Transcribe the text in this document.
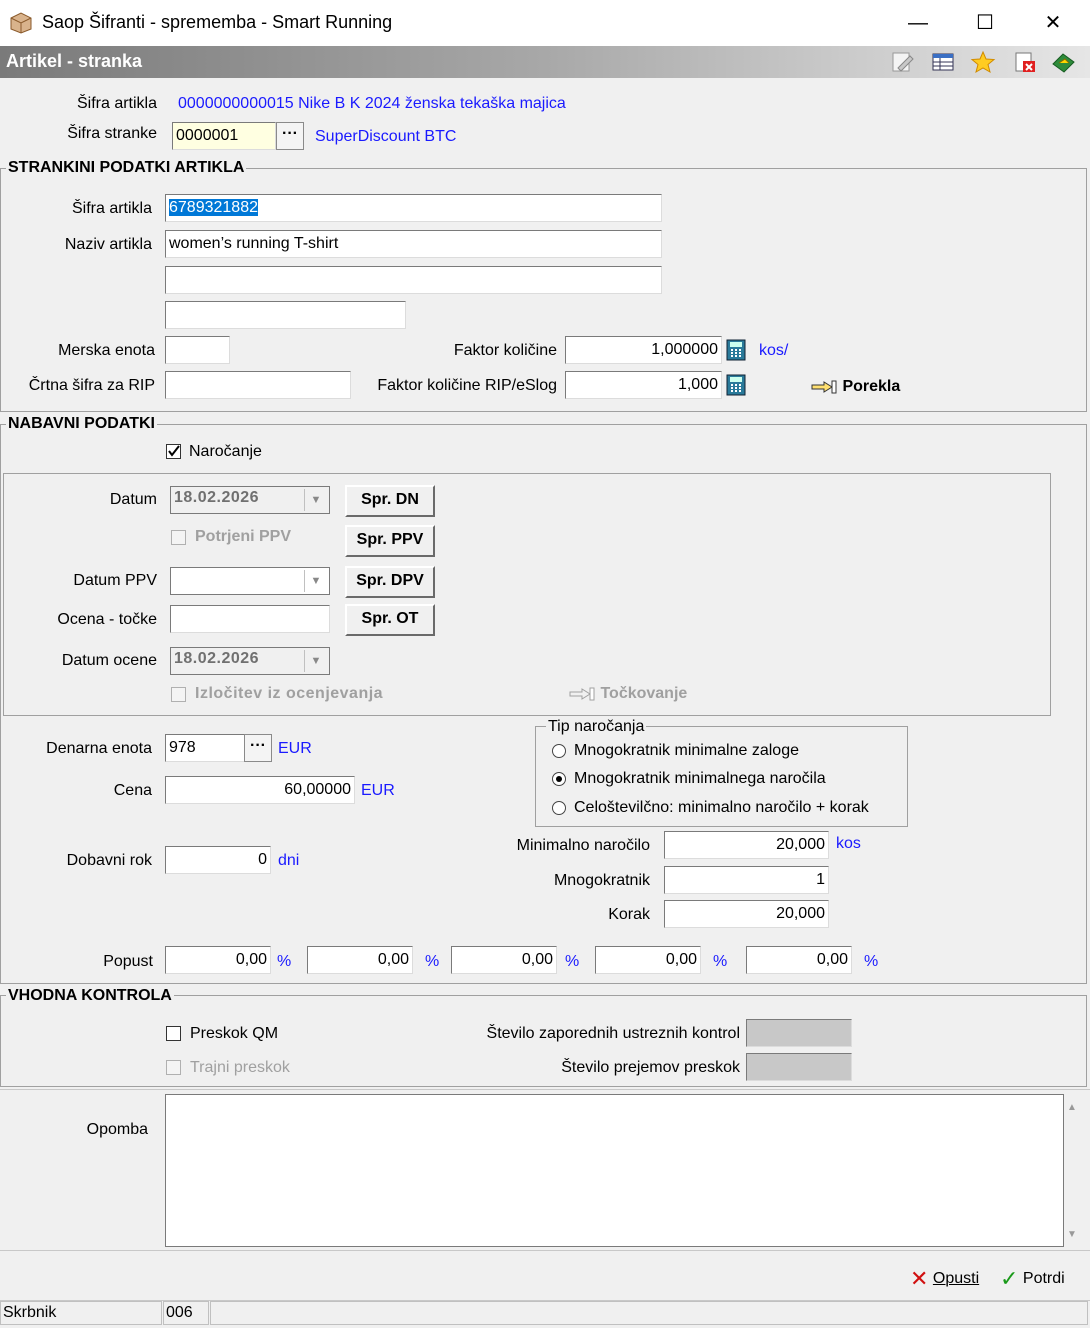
Saop Šifranti - sprememba - Smart Running	—	☐	✕
Artikel - stranka
Šifra artikla 0000000000015 Nike B K 2024 ženska tekaška majica
Šifra stranke 0000001	···	SuperDiscount BTC
STRANKINI PODATKI ARTIKLA
Šifra artikla 6789321882
Naziv artikla women’s running T-shirt
Merska enota	Faktor količine	1,000000	kos/
Črtna šifra za RIP	Faktor količine RIP/eSlog	1,000	Porekla
NABAVNI PODATKI
Naročanje
Datum 18.02.2026	▼	Spr. DN
Potrjeni PPV	Spr. PPV
Datum PPV	▼	Spr. DPV
Ocena - točke	Spr. OT
Datum ocene 18.02.2026	▼
Izločitev iz ocenjevanja	Točkovanje
Denarna enota 978	··· EUR
Cena	60,00000 EUR
Dobavni rok	0 dni
Tip naročanja
Mnogokratnik minimalne zaloge
Mnogokratnik minimalnega naročila
Celoštevilčno: minimalno naročilo + korak
Minimalno naročilo	20,000 kos
Mnogokratnik	1
Korak	20,000
Popust	0,00 %	0,00 %	0,00 %	0,00 %	0,00 %
VHODNA KONTROLA
Preskok QM
Trajni preskok
Število zaporednih ustreznih kontrol
Število prejemov preskok
Opomba
▲
▼
✕ Opusti ✓ Potrdi
Skrbnik	006
